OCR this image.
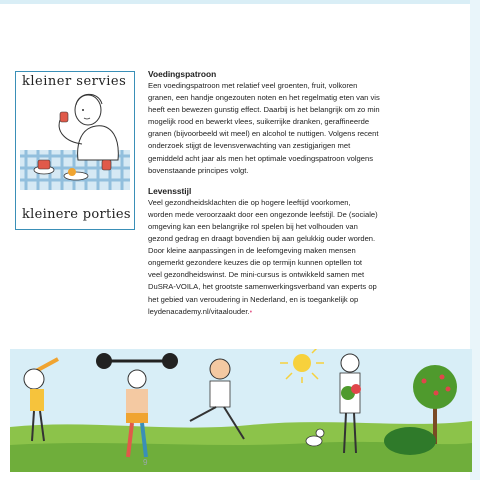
kleiner servies
kleinere porties
Voedingspatroon
Een voedingspatroon met relatief veel groenten, fruit, volkoren
granen, een handje ongezouten noten en het regelmatig eten van vis
heeft een bewezen gunstig effect. Daarbij is het belangrijk om zo min
mogelijk rood en bewerkt vlees, suikerrijke dranken, geraffineerde
granen (bijvoorbeeld wit meel) en alcohol te nuttigen. Volgens recent
onderzoek stijgt de levensverwachting van zestigjarigen met
gemiddeld acht jaar als men het optimale voedingspatroon volgens
bovenstaande principes volgt.
Levensstijl
Veel gezondheidsklachten die op hogere leeftijd voorkomen,
worden mede veroorzaakt door een ongezonde leefstijl. De (sociale)
omgeving kan een belangrijke rol spelen bij het volhouden van
gezond gedrag en draagt bovendien bij aan gelukkig ouder worden.
Door kleine aanpassingen in de leefomgeving maken mensen
ongemerkt gezondere keuzes die op termijn kunnen optellen tot
veel gezondheidswinst. De mini-cursus is ontwikkeld samen met
DuSRA-VOILA, het grootste samenwerkingsverband van experts op
het gebied van veroudering in Nederland, en is toegankelijk op
leydenacademy.nl/vitaalouder.•
9
